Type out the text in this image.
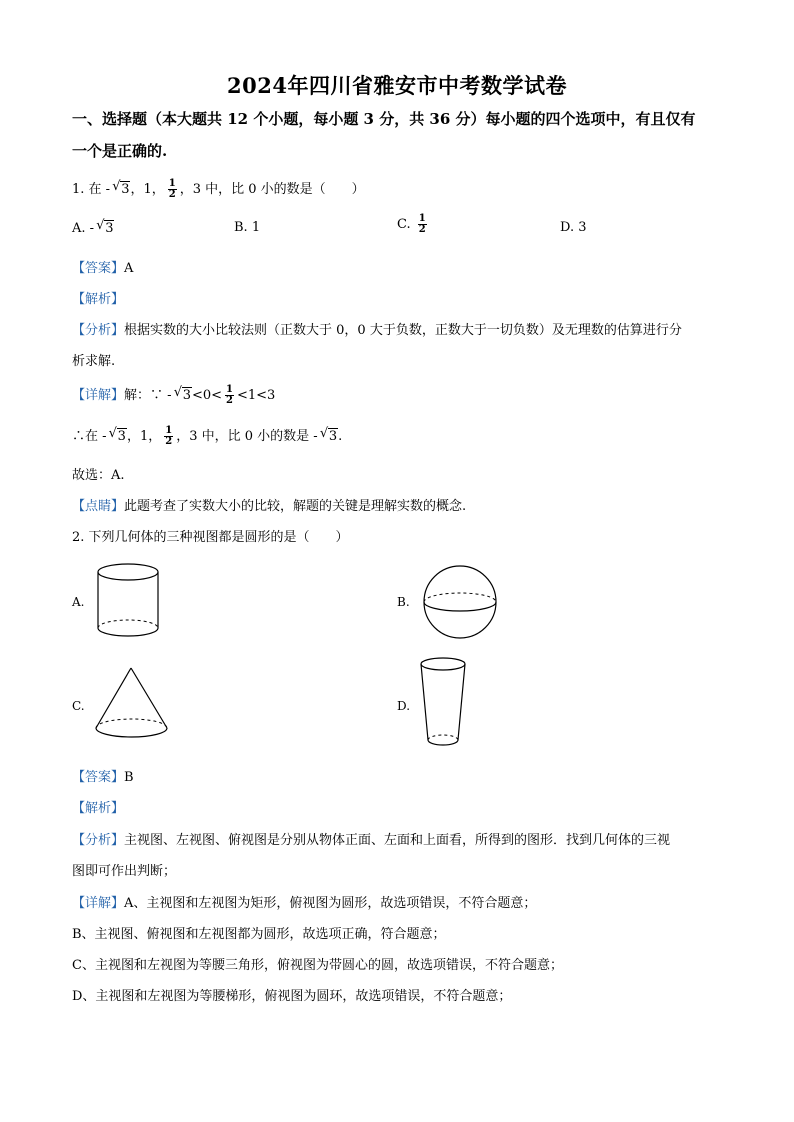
2024年四川省雅安市中考数学试卷
一、选择题（本大题共 12 个小题，每小题 3 分，共 36 分）每小题的四个选项中，有且仅有
一个是正确的.
1. 在 - √ 3，1， $\frac{1}{2}$ ，3 中，比 0 小的数是（　　）
A. - √ 3	B. 1	C. $\frac{1}{2}$	D. 3
【答案】A
【解析】
【分析】根据实数的大小比较法则（正数大于 0，0 大于负数，正数大于一切负数）及无理数的估算进行分
析求解.
【详解】解：∵ - √ $3<0< \frac{1}{2} <1<3$
∴在 - √ 3，1， $\frac{1}{2}$ ，3 中，比 0 小的数是 - √ 3.
故选：A.
【点睛】此题考查了实数大小的比较，解题的关键是理解实数的概念.
2. 下列几何体的三种视图都是圆形的是（　　）
A.	B.
C.	D.
【答案】B
【解析】
【分析】主视图、左视图、俯视图是分别从物体正面、左面和上面看，所得到的图形．找到几何体的三视
图即可作出判断；
【详解】A、主视图和左视图为矩形，俯视图为圆形，故选项错误，不符合题意；
B、主视图、俯视图和左视图都为圆形，故选项正确，符合题意；
C、主视图和左视图为等腰三角形，俯视图为带圆心的圆，故选项错误，不符合题意；
D、主视图和左视图为等腰梯形，俯视图为圆环，故选项错误，不符合题意；
